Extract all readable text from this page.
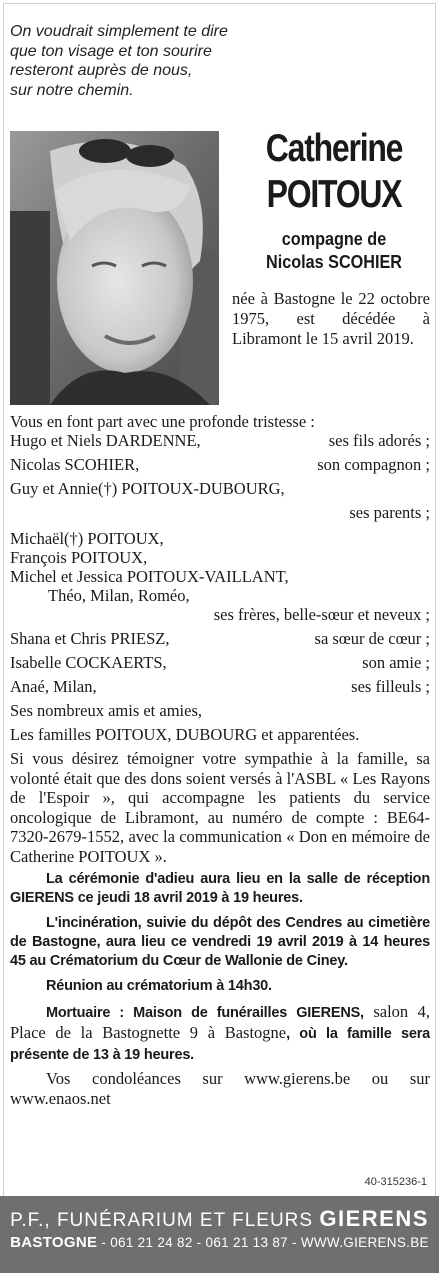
On voudrait simplement te dire
que ton visage et ton sourire
resteront auprès de nous,
sur notre chemin.
Catherine
POITOUX
compagne de
Nicolas SCOHIER
née à Bastogne le 22 octobre 1975, est décédée à Libramont le 15 avril 2019.
Vous en font part avec une profonde tristesse :
Hugo et Niels DARDENNE,	ses fils adorés ;
Nicolas SCOHIER,	son compagnon ;
Guy et Annie(†) POITOUX-DUBOURG,
ses parents ;
Michaël(†) POITOUX,
François POITOUX,
Michel et Jessica POITOUX-VAILLANT,
Théo, Milan, Roméo,
ses frères, belle-sœur et neveux ;
Shana et Chris PRIESZ,	sa sœur de cœur ;
Isabelle COCKAERTS,	son amie ;
Anaé, Milan,	ses filleuls ;
Ses nombreux amis et amies,
Les familles POITOUX, DUBOURG et apparentées.
Si vous désirez témoigner votre sympathie à la famille, sa volonté était que des dons soient versés à l'ASBL « Les Rayons de l'Espoir », qui accompagne les patients du service oncologique de Libramont, au numéro de compte : BE64-7320-2679-1552, avec la communication « Don en mémoire de Catherine POITOUX ».
La cérémonie d'adieu aura lieu en la salle de réception GIERENS ce jeudi 18 avril 2019 à 19 heures.
L'incinération, suivie du dépôt des Cendres au cimetière de Bastogne, aura lieu ce vendredi 19 avril 2019 à 14 heures 45 au Crématorium du Cœur de Wallonie de Ciney.
Réunion au crématorium à 14h30.
Mortuaire : Maison de funérailles GIERENS, salon 4, Place de la Bastognette 9 à Bastogne, où la famille sera présente de 13 à 19 heures.
Vos condoléances sur www.gierens.be ou sur www.enaos.net
40-315236-1
P.F., FUNÉRARIUM ET FLEURS GIERENS
BASTOGNE - 061 21 24 82 - 061 21 13 87 - WWW.GIERENS.BE
